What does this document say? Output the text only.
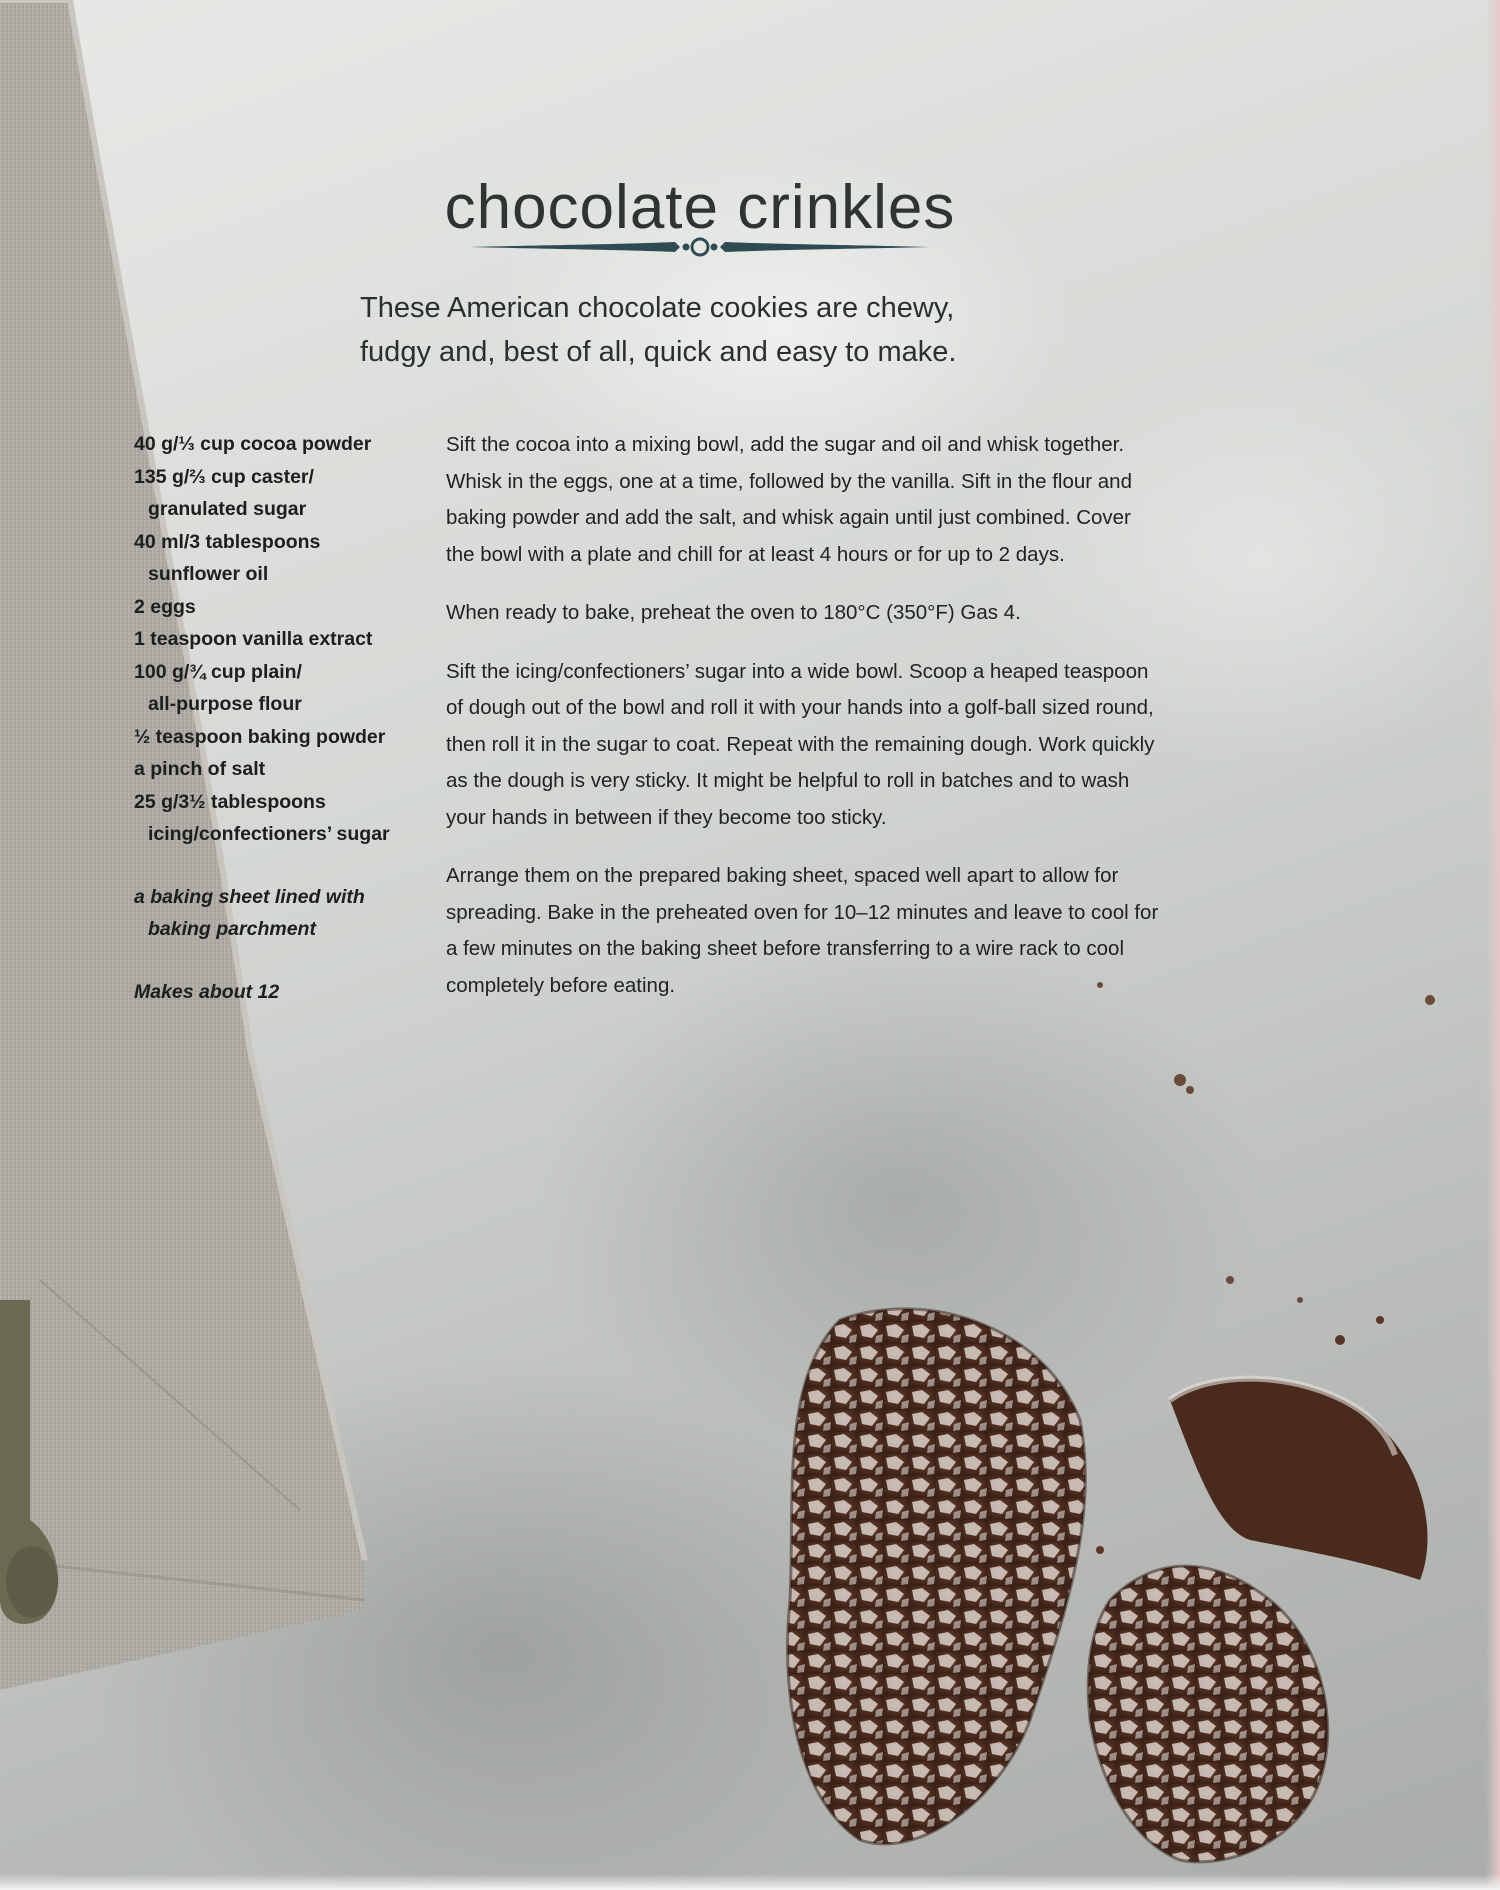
chocolate crinkles
These American chocolate cookies are chewy,
fudgy and, best of all, quick and easy to make.
40 g/⅓ cup cocoa powder
135 g/⅔ cup caster/
granulated sugar
40 ml/3 tablespoons
sunflower oil
2 eggs
1 teaspoon vanilla extract
100 g/¾ cup plain/
all-purpose flour
½ teaspoon baking powder
a pinch of salt
25 g/3½ tablespoons
icing/confectioners’ sugar
a baking sheet lined with
baking parchment
Makes about 12
Sift the cocoa into a mixing bowl, add the sugar and oil and whisk together.
Whisk in the eggs, one at a time, followed by the vanilla. Sift in the flour and
baking powder and add the salt, and whisk again until just combined. Cover
the bowl with a plate and chill for at least 4 hours or for up to 2 days.
When ready to bake, preheat the oven to 180°C (350°F) Gas 4.
Sift the icing/confectioners’ sugar into a wide bowl. Scoop a heaped teaspoon
of dough out of the bowl and roll it with your hands into a golf-ball sized round,
then roll it in the sugar to coat. Repeat with the remaining dough. Work quickly
as the dough is very sticky. It might be helpful to roll in batches and to wash
your hands in between if they become too sticky.
Arrange them on the prepared baking sheet, spaced well apart to allow for
spreading. Bake in the preheated oven for 10–12 minutes and leave to cool for
a few minutes on the baking sheet before transferring to a wire rack to cool
completely before eating.
